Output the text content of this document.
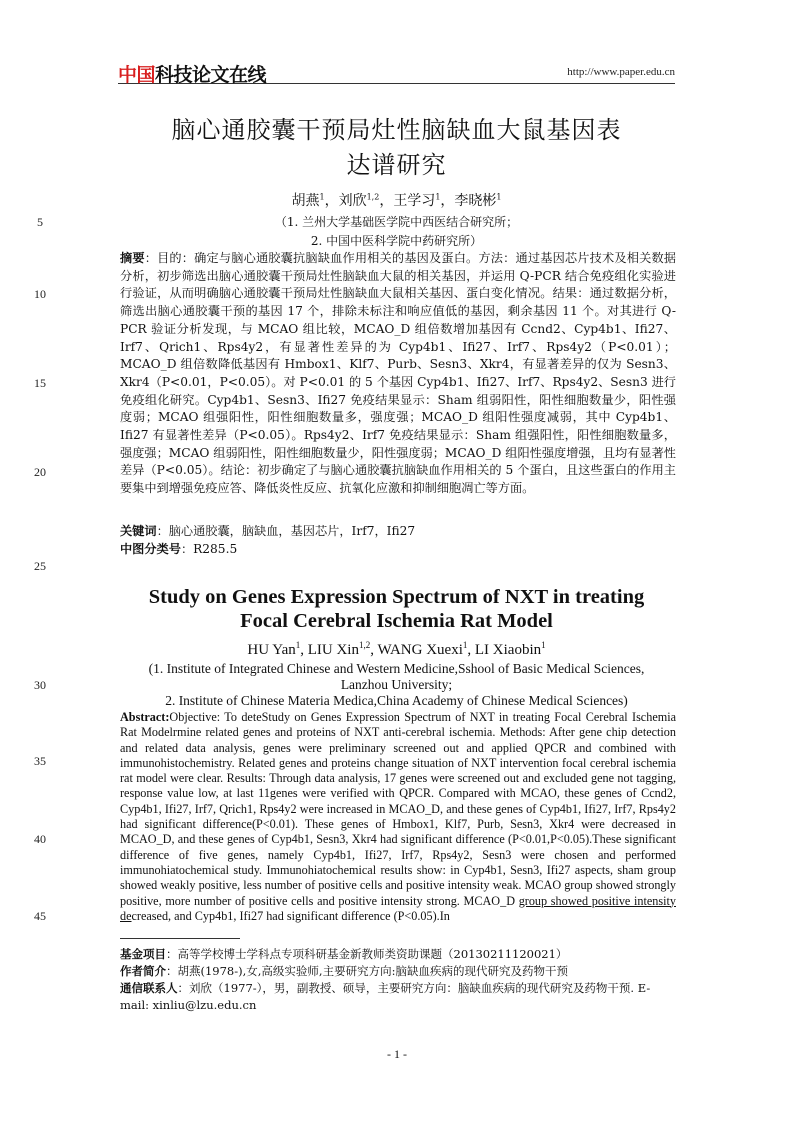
中国科技论文在线	http://www.paper.edu.cn
5
10
15
20
25
30
35
40
45
脑心通胶囊干预局灶性脑缺血大鼠基因表
达谱研究
胡燕$^1$，刘欣$^{1,2}$，王学习$^1$，李晓彬$^1$
（1. 兰州大学基础医学院中西医结合研究所；
2. 中国中医科学院中药研究所）
摘要：目的：确定与脑心通胶囊抗脑缺血作用相关的基因及蛋白。方法：通过基因芯片技术及相关数据分析，初步筛选出脑心通胶囊干预局灶性脑缺血大鼠的相关基因，并运用 Q-PCR 结合免疫组化实验进行验证，从而明确脑心通胶囊干预局灶性脑缺血大鼠相关基因、蛋白变化情况。结果：通过数据分析，筛选出脑心通胶囊干预的基因 17 个，排除未标注和响应值低的基因，剩余基因 11 个。对其进行 Q-PCR 验证分析发现，与 MCAO 组比较，MCAO_D 组倍数增加基因有 Ccnd2、Cyp4b1、Ifi27、Irf7、Qrich1、Rps4y2，有显著性差异的为 Cyp4b1、Ifi27、Irf7、Rps4y2（P<0.01）；MCAO_D 组倍数降低基因有 Hmbox1、Klf7、Purb、Sesn3、Xkr4，有显著差异的仅为 Sesn3、Xkr4（P<0.01，P<0.05）。对 P<0.01 的 5 个基因 Cyp4b1、Ifi27、Irf7、Rps4y2、Sesn3 进行免疫组化研究。Cyp4b1、Sesn3、Ifi27 免疫结果显示：Sham 组弱阳性，阳性细胞数量少，阳性强度弱；MCAO 组强阳性，阳性细胞数量多，强度强；MCAO_D 组阳性强度减弱，其中 Cyp4b1、Ifi27 有显著性差异（P<0.05）。Rps4y2、Irf7 免疫结果显示：Sham 组强阳性，阳性细胞数量多，强度强；MCAO 组弱阳性，阳性细胞数量少，阳性强度弱；MCAO_D 组阳性强度增强，且均有显著性差异（P<0.05）。结论：初步确定了与脑心通胶囊抗脑缺血作用相关的 5 个蛋白，且这些蛋白的作用主要集中到增强免疫应答、降低炎性反应、抗氧化应激和抑制细胞凋亡等方面。
关键词：脑心通胶囊，脑缺血，基因芯片，Irf7，Ifi27
中图分类号：R285.5
Study on Genes Expression Spectrum of NXT in treating
Focal Cerebral Ischemia Rat Model
HU Yan$^1$, LIU Xin$^{1,2}$, WANG Xuexi$^1$, LI Xiaobin$^1$
(1. Institute of Integrated Chinese and Western Medicine,Sshool of Basic Medical Sciences,
Lanzhou University;
2. Institute of Chinese Materia Medica,China Academy of Chinese Medical Sciences)
Abstract:Objective: To deteStudy on Genes Expression Spectrum of NXT in treating Focal Cerebral Ischemia Rat Modelrmine related genes and proteins of NXT anti-cerebral ischemia. Methods: After gene chip detection and related data analysis, genes were preliminary screened out and applied QPCR and combined with immunohistochemistry. Related genes and proteins change situation of NXT intervention focal cerebral ischemia rat model were clear. Results: Through data analysis, 17 genes were screened out and excluded gene not tagging, response value low, at last 11genes were verified with QPCR. Compared with MCAO, these genes of Ccnd2, Cyp4b1, Ifi27, Irf7, Qrich1, Rps4y2 were increased in MCAO_D, and these genes of Cyp4b1, Ifi27, Irf7, Rps4y2 had significant difference(P<0.01). These genes of Hmbox1, Klf7, Purb, Sesn3, Xkr4 were decreased in MCAO_D, and these genes of Cyp4b1, Sesn3, Xkr4 had significant difference (P<0.01,P<0.05).These significant difference of five genes, namely Cyp4b1, Ifi27, Irf7, Rps4y2, Sesn3 were chosen and performed immunohiatochemical study. Immunohiatochemical results show: in Cyp4b1, Sesn3, Ifi27 aspects, sham group showed weakly positive, less number of positive cells and positive intensity weak. MCAO group showed strongly positive, more number of positive cells and positive intensity strong. MCAO_D group showed positive intensity decreased, and Cyp4b1, Ifi27 had significant difference (P<0.05).In
基金项目：高等学校博士学科点专项科研基金新教师类资助课题（20130211120021）
作者简介：胡燕(1978-),女,高级实验师,主要研究方向:脑缺血疾病的现代研究及药物干预
通信联系人：刘欣（1977-），男，副教授、硕导，主要研究方向：脑缺血疾病的现代研究及药物干预. E-mail: xinliu@lzu.edu.cn
- 1 -
